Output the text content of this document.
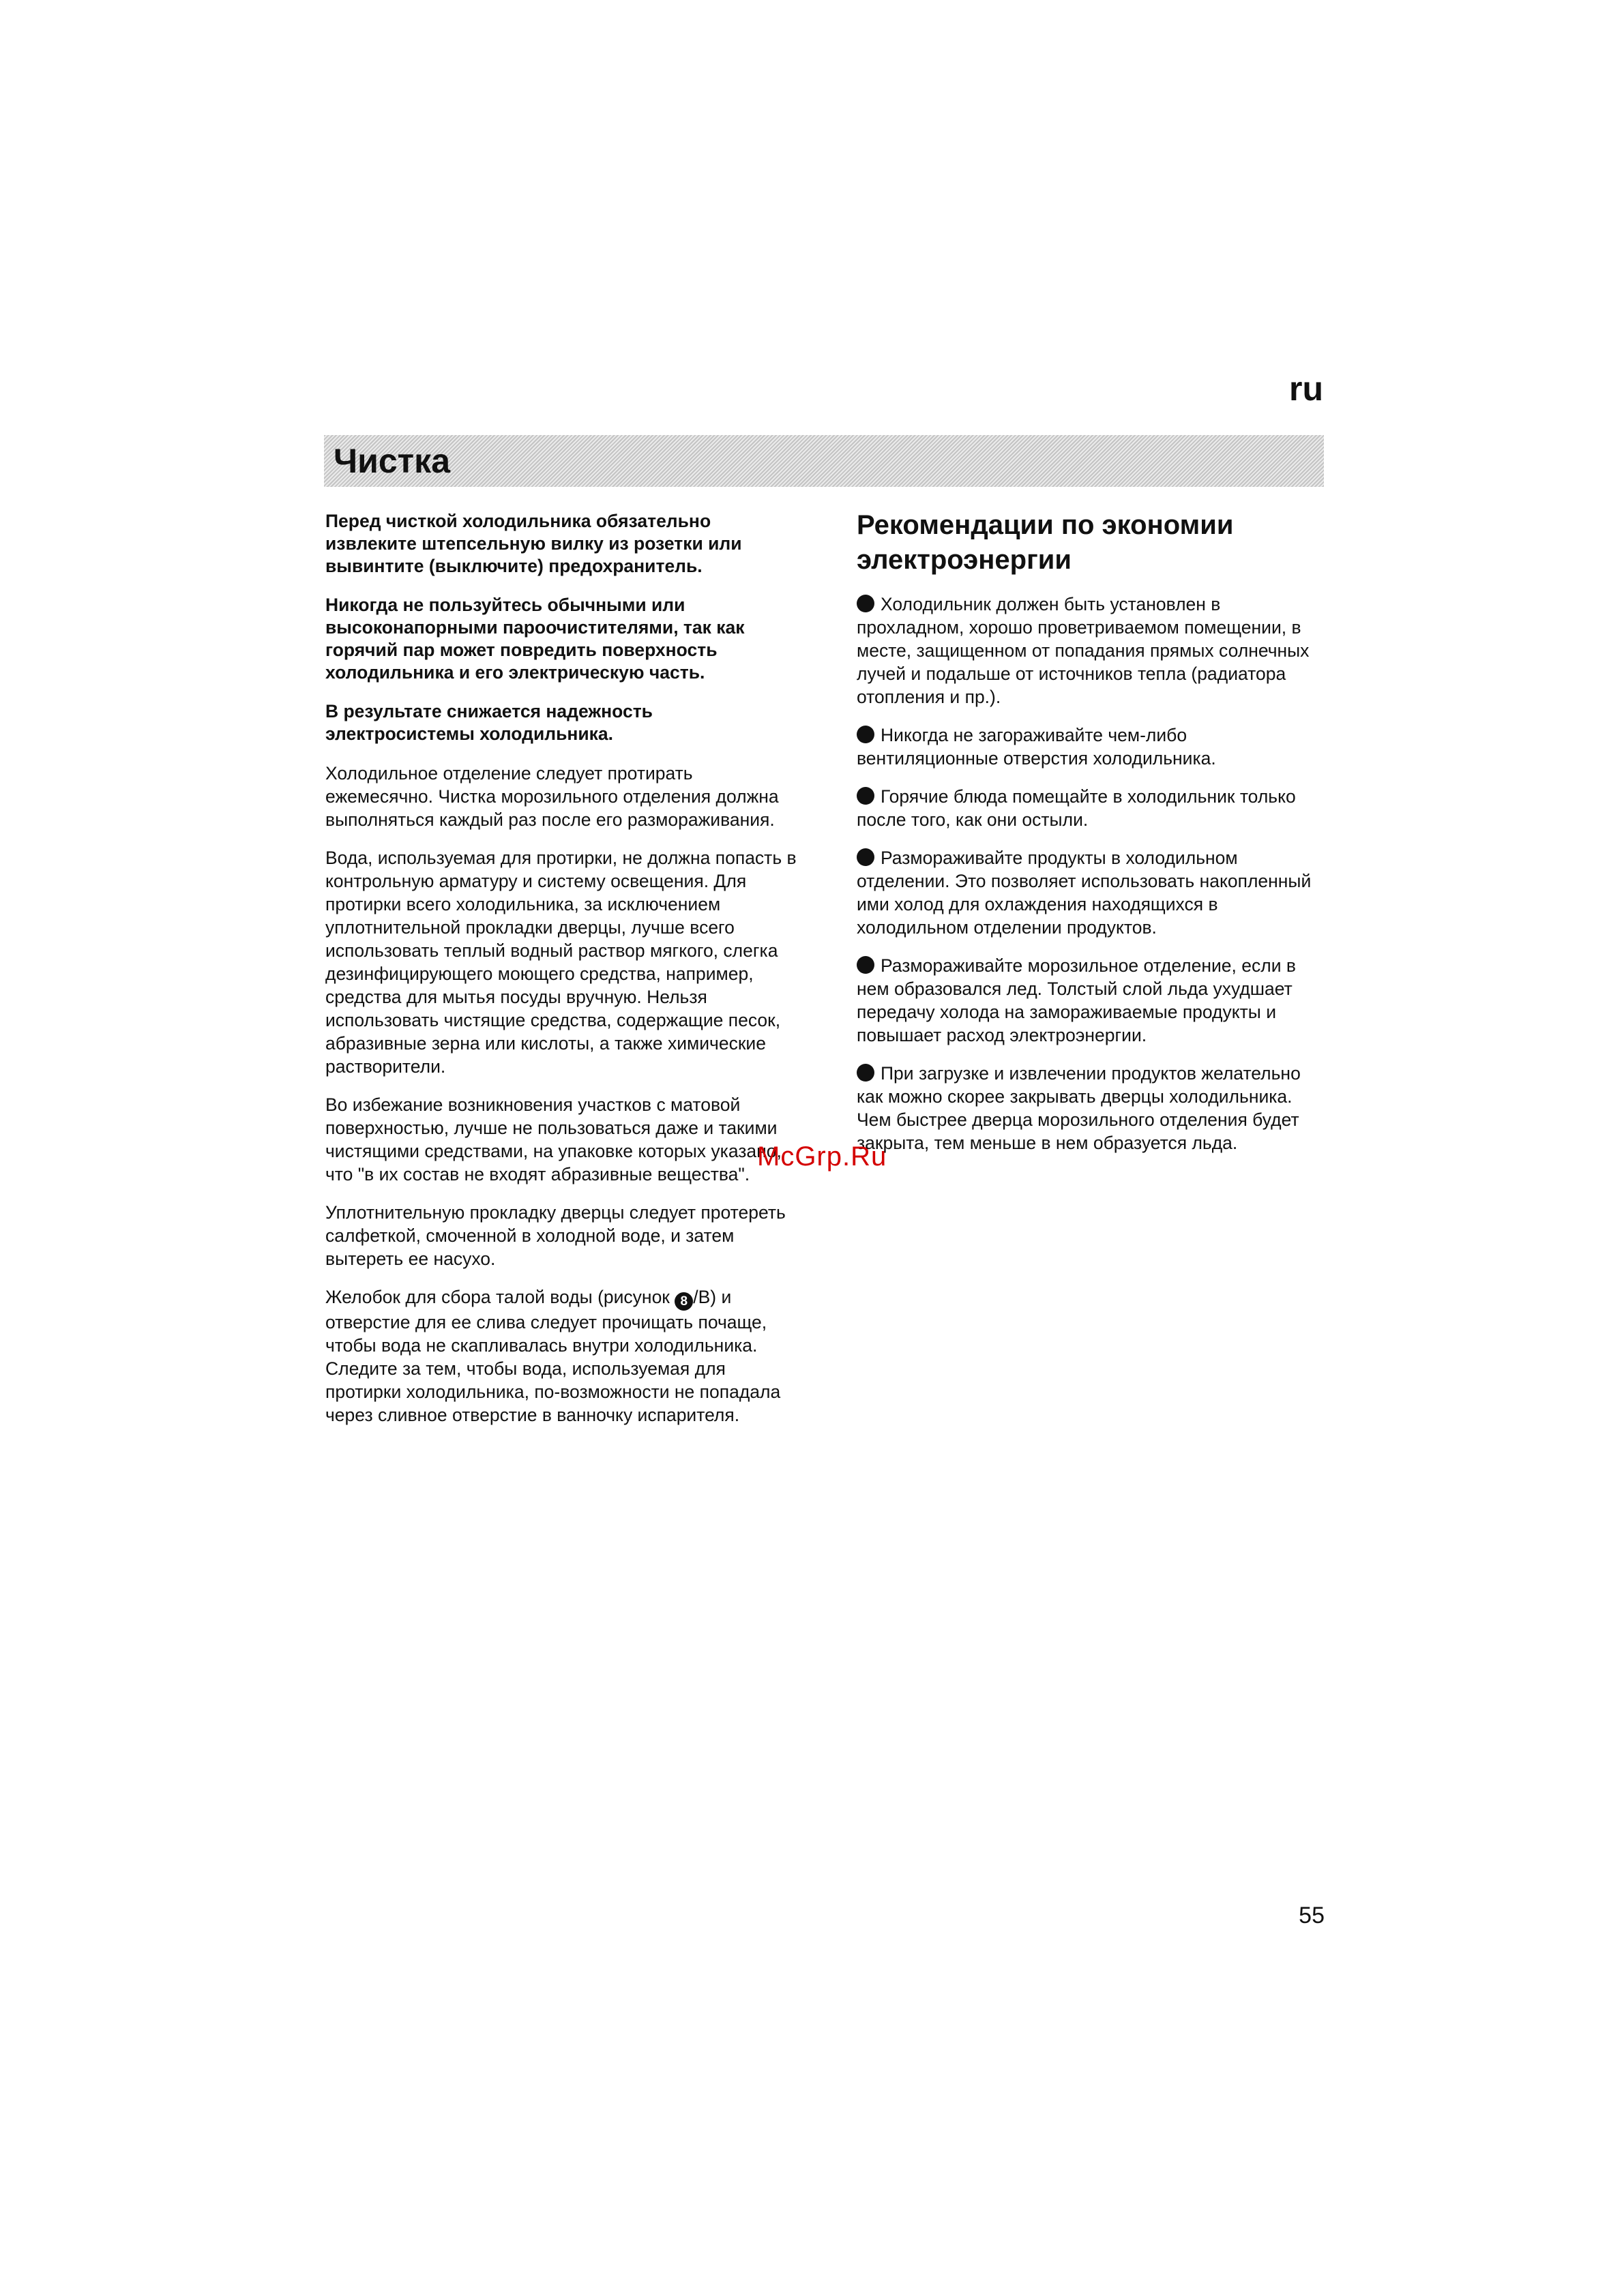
ru
Чистка

Перед чисткой холодильника обязательно извлеките штепсельную вилку из розетки или вывинтите (выключите) предохранитель.

Никогда не пользуйтесь обычными или высоконапорными пароочистителями, так как горячий пар может повредить поверхность холодильника и его электрическую часть.

В результате снижается надежность электросистемы холодильника.

Холодильное отделение следует протирать ежемесячно. Чистка морозильного отделения должна выполняться каждый раз после его размораживания.

Вода, используемая для протирки, не должна попасть в контрольную арматуру и систему освещения. Для протирки всего холодильника, за исключением уплотнительной прокладки дверцы, лучше всего использовать теплый водный раствор мягкого, слегка дезинфицирующего моющего средства, например, средства для мытья посуды вручную. Нельзя использовать чистящие средства, содержащие песок, абразивные зерна или кислоты, а также химические растворители.

Во избежание возникновения участков с матовой поверхностью, лучше не пользоваться даже и такими чистящими средствами, на упаковке которых указано, что "в их состав не входят абразивные вещества".

Уплотнительную прокладку дверцы следует протереть салфеткой, смоченной в холодной воде, и затем вытереть ее насухо.

Желобок для сбора талой воды (рисунок 8 /B) и отверстие для ее слива следует прочищать почаще, чтобы вода не скапливалась внутри холодильника. Следите за тем, чтобы вода, используемая для протирки холодильника, по-возможности не попадала через сливное отверстие в ванночку испарителя.

Рекомендации по экономии электроэнергии

Холодильник должен быть установлен в прохладном, хорошо проветриваемом помещении, в месте, защищенном от попадания прямых солнечных лучей и подальше от источников тепла (радиатора отопления и пр.).

Никогда не загораживайте чем-либо вентиляционные отверстия холодильника.

Горячие блюда помещайте в холодильник только после того, как они остыли.

Размораживайте продукты в холодильном отделении. Это позволяет использовать накопленный ими холод для охлаждения находящихся в холодильном отделении продуктов.

Размораживайте морозильное отделение, если в нем образовался лед. Толстый слой льда ухудшает передачу холода на замораживаемые продукты и повышает расход электроэнергии.

При загрузке и извлечении продуктов желательно как можно скорее закрывать дверцы холодильника. Чем быстрее дверца морозильного отделения будет закрыта, тем меньше в нем образуется льда.

McGrp.Ru
55
